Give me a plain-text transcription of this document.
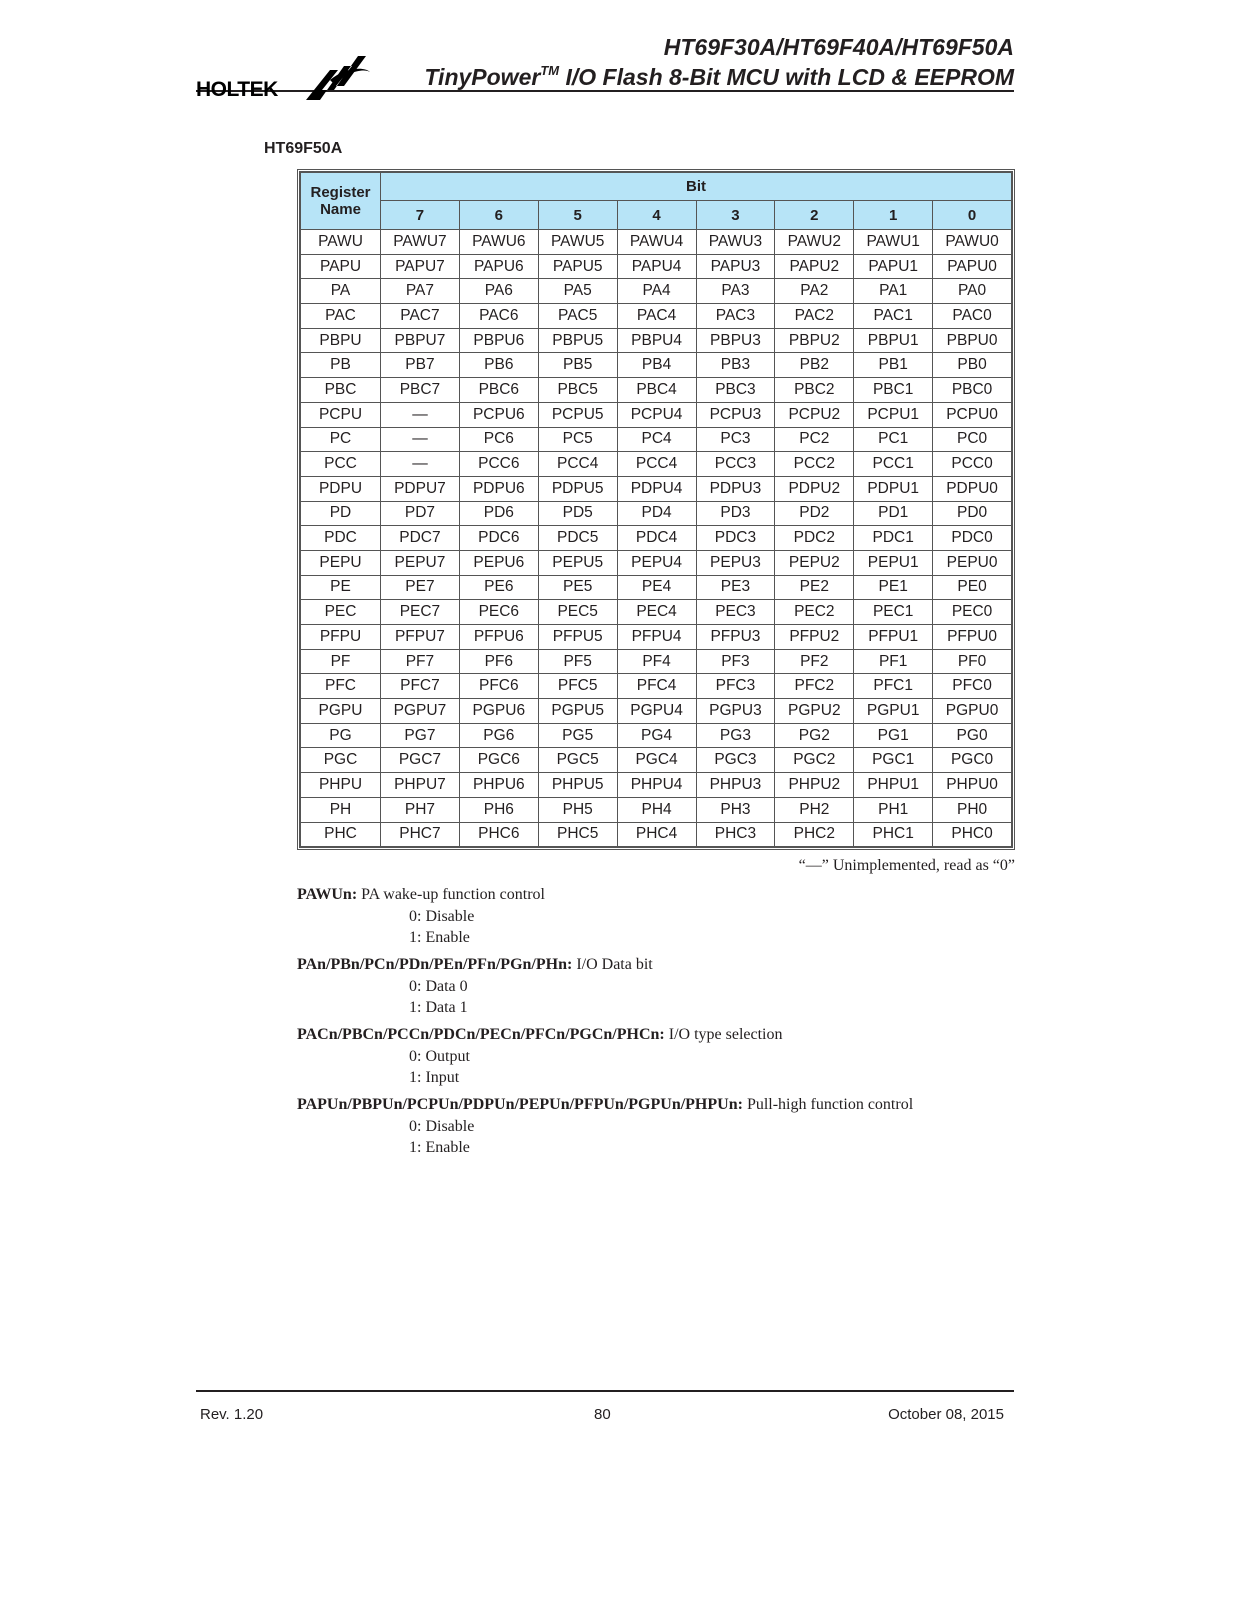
HOLTEK
HT69F30A/HT69F40A/HT69F50A
TinyPower™ I/O Flash 8-Bit MCU with LCD & EEPROM
HT69F50A
Register Name	Bit							
	7	6	5	4	3	2	1	0
PAWU	PAWU7	PAWU6	PAWU5	PAWU4	PAWU3	PAWU2	PAWU1	PAWU0
PAPU	PAPU7	PAPU6	PAPU5	PAPU4	PAPU3	PAPU2	PAPU1	PAPU0
PA	PA7	PA6	PA5	PA4	PA3	PA2	PA1	PA0
PAC	PAC7	PAC6	PAC5	PAC4	PAC3	PAC2	PAC1	PAC0
PBPU	PBPU7	PBPU6	PBPU5	PBPU4	PBPU3	PBPU2	PBPU1	PBPU0
PB	PB7	PB6	PB5	PB4	PB3	PB2	PB1	PB0
PBC	PBC7	PBC6	PBC5	PBC4	PBC3	PBC2	PBC1	PBC0
PCPU	—	PCPU6	PCPU5	PCPU4	PCPU3	PCPU2	PCPU1	PCPU0
PC	—	PC6	PC5	PC4	PC3	PC2	PC1	PC0
PCC	—	PCC6	PCC4	PCC4	PCC3	PCC2	PCC1	PCC0
PDPU	PDPU7	PDPU6	PDPU5	PDPU4	PDPU3	PDPU2	PDPU1	PDPU0
PD	PD7	PD6	PD5	PD4	PD3	PD2	PD1	PD0
PDC	PDC7	PDC6	PDC5	PDC4	PDC3	PDC2	PDC1	PDC0
PEPU	PEPU7	PEPU6	PEPU5	PEPU4	PEPU3	PEPU2	PEPU1	PEPU0
PE	PE7	PE6	PE5	PE4	PE3	PE2	PE1	PE0
PEC	PEC7	PEC6	PEC5	PEC4	PEC3	PEC2	PEC1	PEC0
PFPU	PFPU7	PFPU6	PFPU5	PFPU4	PFPU3	PFPU2	PFPU1	PFPU0
PF	PF7	PF6	PF5	PF4	PF3	PF2	PF1	PF0
PFC	PFC7	PFC6	PFC5	PFC4	PFC3	PFC2	PFC1	PFC0
PGPU	PGPU7	PGPU6	PGPU5	PGPU4	PGPU3	PGPU2	PGPU1	PGPU0
PG	PG7	PG6	PG5	PG4	PG3	PG2	PG1	PG0
PGC	PGC7	PGC6	PGC5	PGC4	PGC3	PGC2	PGC1	PGC0
PHPU	PHPU7	PHPU6	PHPU5	PHPU4	PHPU3	PHPU2	PHPU1	PHPU0
PH	PH7	PH6	PH5	PH4	PH3	PH2	PH1	PH0
PHC	PHC7	PHC6	PHC5	PHC4	PHC3	PHC2	PHC1	PHC0
“—” Unimplemented, read as “0”
PAWUn: PA wake-up function control
0: Disable
1: Enable
PAn/PBn/PCn/PDn/PEn/PFn/PGn/PHn: I/O Data bit
0: Data 0
1: Data 1
PACn/PBCn/PCCn/PDCn/PECn/PFCn/PGCn/PHCn: I/O type selection
0: Output
1: Input
PAPUn/PBPUn/PCPUn/PDPUn/PEPUn/PFPUn/PGPUn/PHPUn: Pull-high function control
0: Disable
1: Enable
Rev. 1.20	80	October 08, 2015
